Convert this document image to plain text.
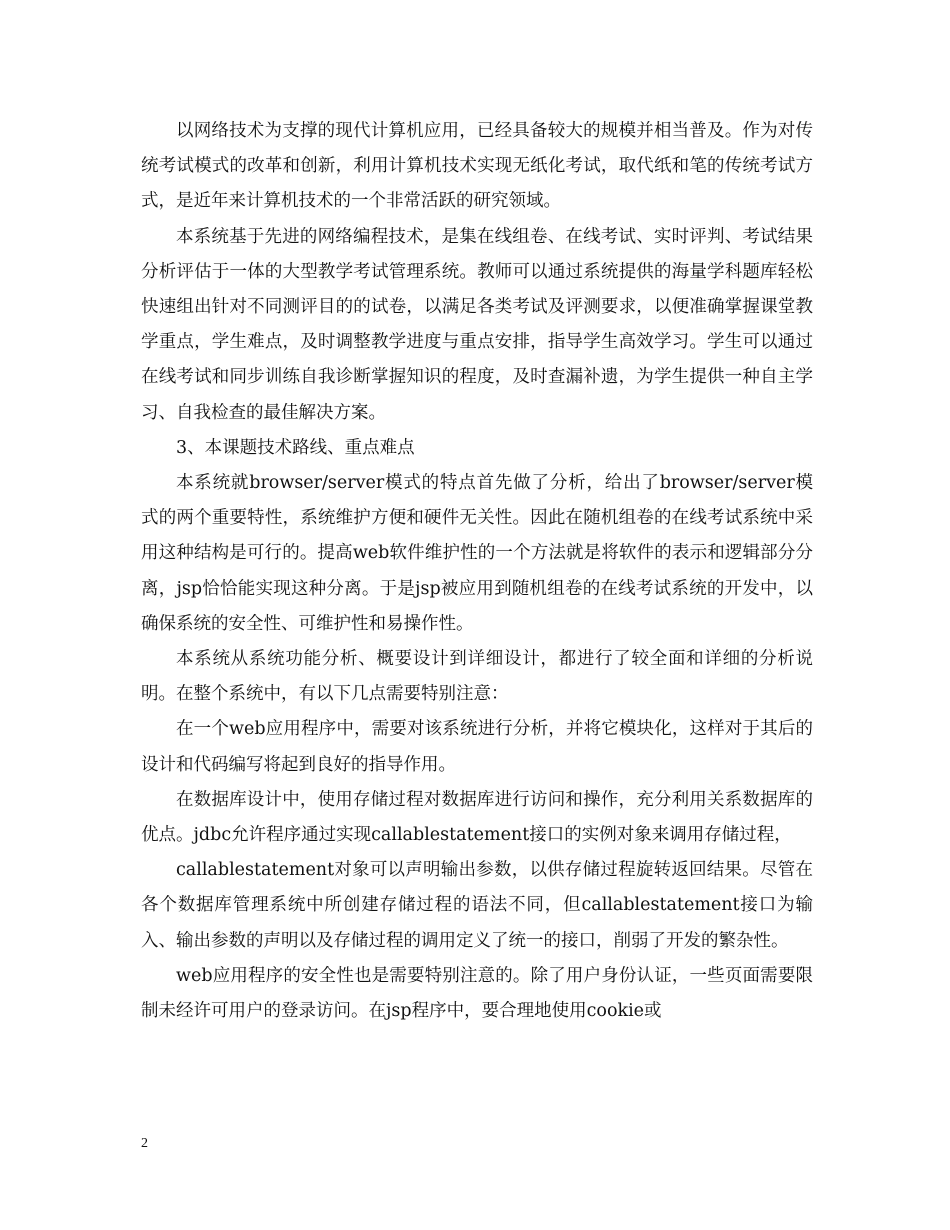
以网络技术为支撑的现代计算机应用，已经具备较大的规模并相当普及。作为对传统考试模式的改革和创新，利用计算机技术实现无纸化考试，取代纸和笔的传统考试方式，是近年来计算机技术的一个非常活跃的研究领域。

本系统基于先进的网络编程技术，是集在线组卷、在线考试、实时评判、考试结果分析评估于一体的大型教学考试管理系统。教师可以通过系统提供的海量学科题库轻松快速组出针对不同测评目的的试卷，以满足各类考试及评测要求，以便准确掌握课堂教学重点，学生难点，及时调整教学进度与重点安排，指导学生高效学习。学生可以通过在线考试和同步训练自我诊断掌握知识的程度，及时查漏补遗，为学生提供一种自主学习、自我检查的最佳解决方案。

3、本课题技术路线、重点难点

本系统就browser/server模式的特点首先做了分析，给出了browser/server模式的两个重要特性，系统维护方便和硬件无关性。因此在随机组卷的在线考试系统中采用这种结构是可行的。提高web软件维护性的一个方法就是将软件的表示和逻辑部分分离，jsp恰恰能实现这种分离。于是jsp被应用到随机组卷的在线考试系统的开发中，以确保系统的安全性、可维护性和易操作性。

本系统从系统功能分析、概要设计到详细设计，都进行了较全面和详细的分析说明。在整个系统中，有以下几点需要特别注意：

在一个web应用程序中，需要对该系统进行分析，并将它模块化，这样对于其后的设计和代码编写将起到良好的指导作用。

在数据库设计中，使用存储过程对数据库进行访问和操作，充分利用关系数据库的优点。jdbc允许程序通过实现callablestatement接口的实例对象来调用存储过程，

callablestatement对象可以声明输出参数，以供存储过程旋转返回结果。尽管在各个数据库管理系统中所创建存储过程的语法不同，但callablestatement接口为输入、输出参数的声明以及存储过程的调用定义了统一的接口，削弱了开发的繁杂性。

web应用程序的安全性也是需要特别注意的。除了用户身份认证，一些页面需要限制未经许可用户的登录访问。在jsp程序中，要合理地使用cookie或

2
